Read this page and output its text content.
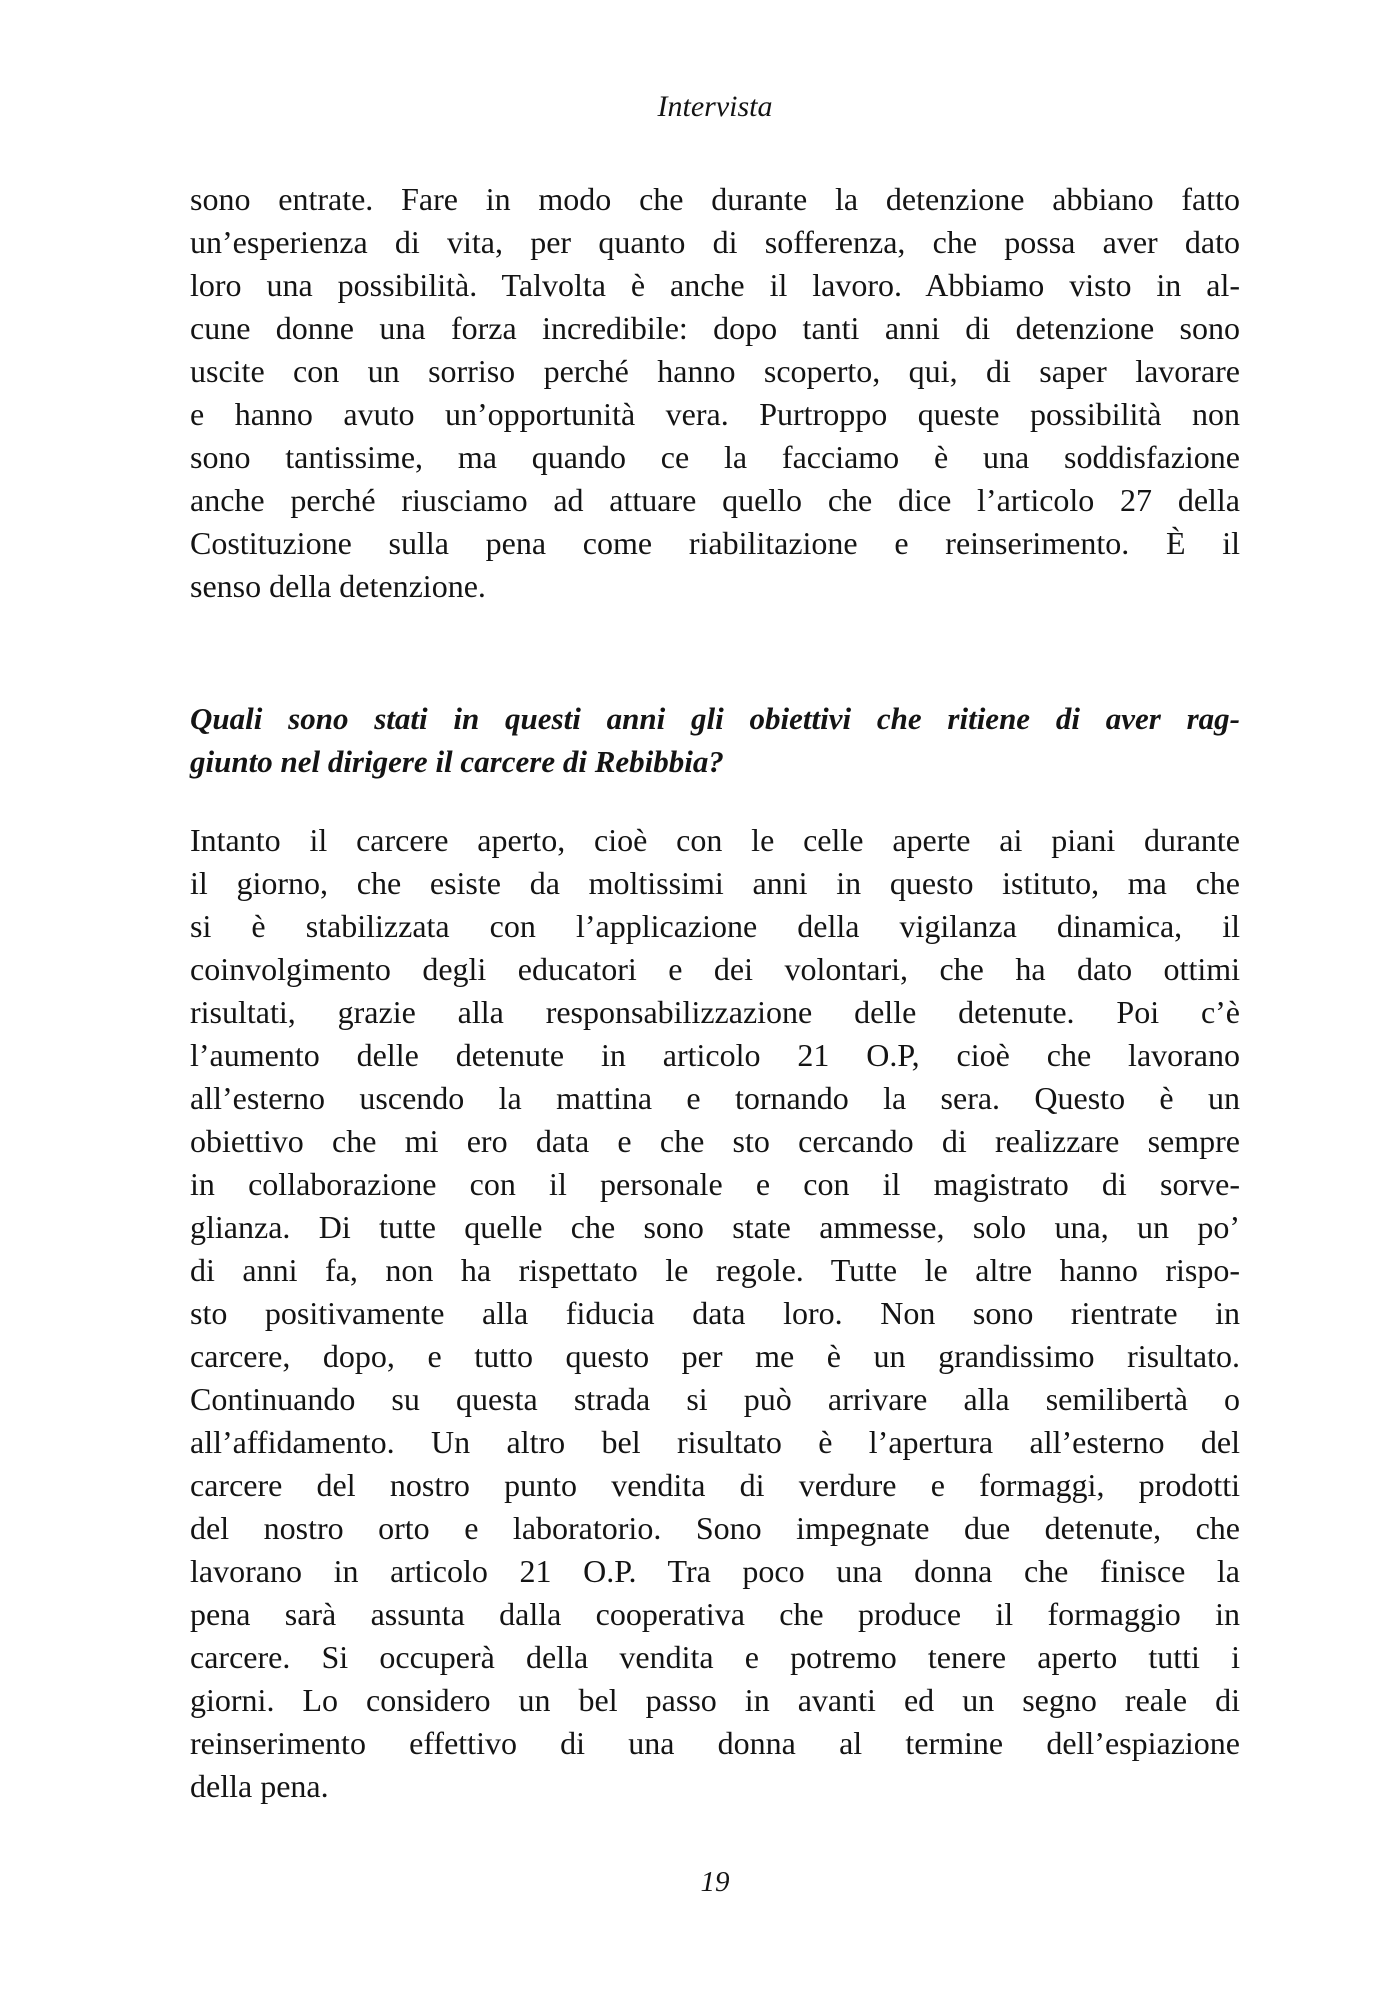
Intervista
sono entrate. Fare in modo che durante la detenzione abbiano fatto
un’esperienza di vita, per quanto di sofferenza, che possa aver dato
loro una possibilità. Talvolta è anche il lavoro. Abbiamo visto in al-
cune donne una forza incredibile: dopo tanti anni di detenzione sono
uscite con un sorriso perché hanno scoperto, qui, di saper lavorare
e hanno avuto un’opportunità vera. Purtroppo queste possibilità non
sono tantissime, ma quando ce la facciamo è una soddisfazione
anche perché riusciamo ad attuare quello che dice l’articolo 27 della
Costituzione sulla pena come riabilitazione e reinserimento. È il
senso della detenzione.
Quali sono stati in questi anni gli obiettivi che ritiene di aver rag-
giunto nel dirigere il carcere di Rebibbia?
Intanto il carcere aperto, cioè con le celle aperte ai piani durante
il giorno, che esiste da moltissimi anni in questo istituto, ma che
si è stabilizzata con l’applicazione della vigilanza dinamica, il
coinvolgimento degli educatori e dei volontari, che ha dato ottimi
risultati, grazie alla responsabilizzazione delle detenute. Poi c’è
l’aumento delle detenute in articolo 21 O.P, cioè che lavorano
all’esterno uscendo la mattina e tornando la sera. Questo è un
obiettivo che mi ero data e che sto cercando di realizzare sempre
in collaborazione con il personale e con il magistrato di sorve-
glianza. Di tutte quelle che sono state ammesse, solo una, un po’
di anni fa, non ha rispettato le regole. Tutte le altre hanno rispo-
sto positivamente alla fiducia data loro. Non sono rientrate in
carcere, dopo, e tutto questo per me è un grandissimo risultato.
Continuando su questa strada si può arrivare alla semilibertà o
all’affidamento. Un altro bel risultato è l’apertura all’esterno del
carcere del nostro punto vendita di verdure e formaggi, prodotti
del nostro orto e laboratorio. Sono impegnate due detenute, che
lavorano in articolo 21 O.P. Tra poco una donna che finisce la
pena sarà assunta dalla cooperativa che produce il formaggio in
carcere. Si occuperà della vendita e potremo tenere aperto tutti i
giorni. Lo considero un bel passo in avanti ed un segno reale di
reinserimento effettivo di una donna al termine dell’espiazione
della pena.
19
